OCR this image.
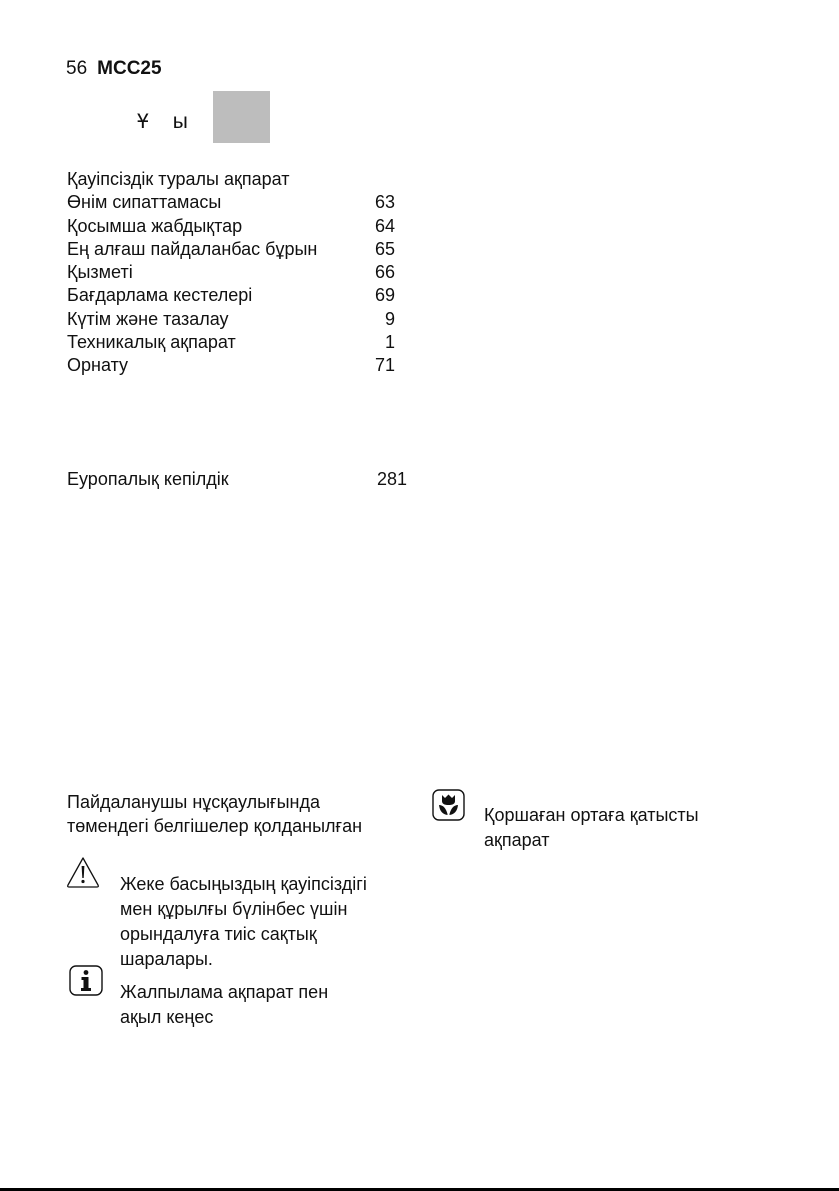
56 MCC25
Ұ ы
Қауіпсіздік туралы ақпарат
Өнім сипаттамасы	63
Қосымша жабдықтар	64
Ең алғаш пайдаланбас бұрын	65
Қызметі	66
Бағдарлама кестелері	69
Күтім және тазалау	9
Техникалық ақпарат	1
Орнату	71
Еуропалық кепілдік	281
Пайдаланушы нұсқаулығында
төмендегі белгішелер қолданылған
Жеке басыңыздың қауіпсіздігі
мен құрылғы бүлінбес үшін
орындалуға тиіс сақтық
шаралары.
Жалпылама ақпарат пен
ақыл кеңес
Қоршаған ортаға қатысты
ақпарат
